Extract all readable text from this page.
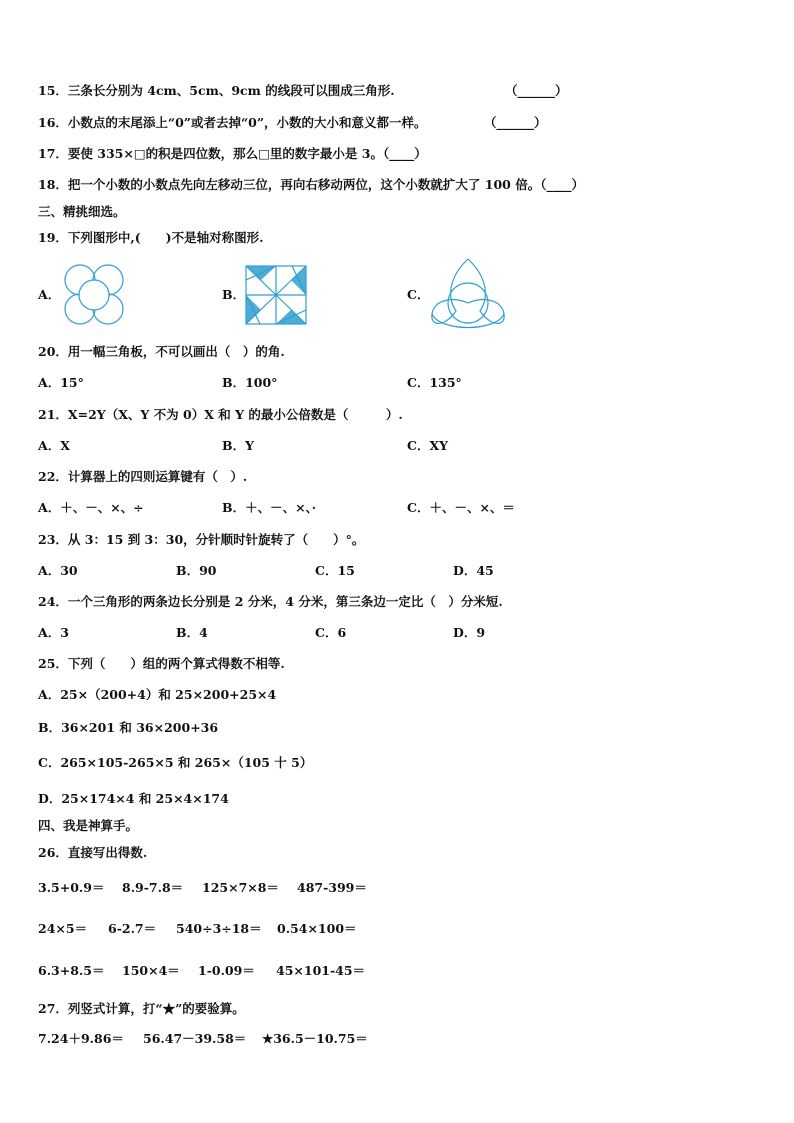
15．三条长分别为 4cm、5cm、9cm 的线段可以围成三角形.	（______）
16．小数点的末尾添上“0”或者去掉“0”，小数的大小和意义都一样。	（______）
17．要使 335×□的积是四位数，那么□里的数字最小是 3。（____）
18．把一个小数的小数点先向左移动三位，再向右移动两位，这个小数就扩大了 100 倍。（____）
三、精挑细选。
19．下列图形中,(　　)不是轴对称图形.
A．	B．	C．
20．用一幅三角板，不可以画出（　）的角.
A．15°	B．100°	C．135°
21．X=2Y（X、Y 不为 0）X 和 Y 的最小公倍数是（　　　）.
A．X	B．Y	C．XY
22．计算器上的四则运算键有（　）.
A．＋、－、×、÷	B．＋、－、×、·	C．＋、－、×、＝
23．从 3：15 到 3：30，分针顺时针旋转了（　　）°。
A．30	B．90	C．15	D．45
24．一个三角形的两条边长分别是 2 分米，4 分米，第三条边一定比（　）分米短.
A．3	B．4	C．6	D．9
25．下列（　　）组的两个算式得数不相等.
A．25×（200+4）和 25×200+25×4
B．36×201 和 36×200+36
C．265×105-265×5 和 265×（105 十 5）
D．25×174×4 和 25×4×174
四、我是神算手。
26．直接写出得数.
3.5+0.9＝ 8.9-7.8＝ 125×7×8＝ 487-399＝
24×5＝ 6-2.7＝ 540÷3÷18＝ 0.54×100＝
6.3+8.5＝ 150×4＝ 1-0.09＝ 45×101-45＝
27．列竖式计算，打“★”的要验算。
7.24＋9.86＝ 56.47－39.58＝ ★36.5－10.75＝
